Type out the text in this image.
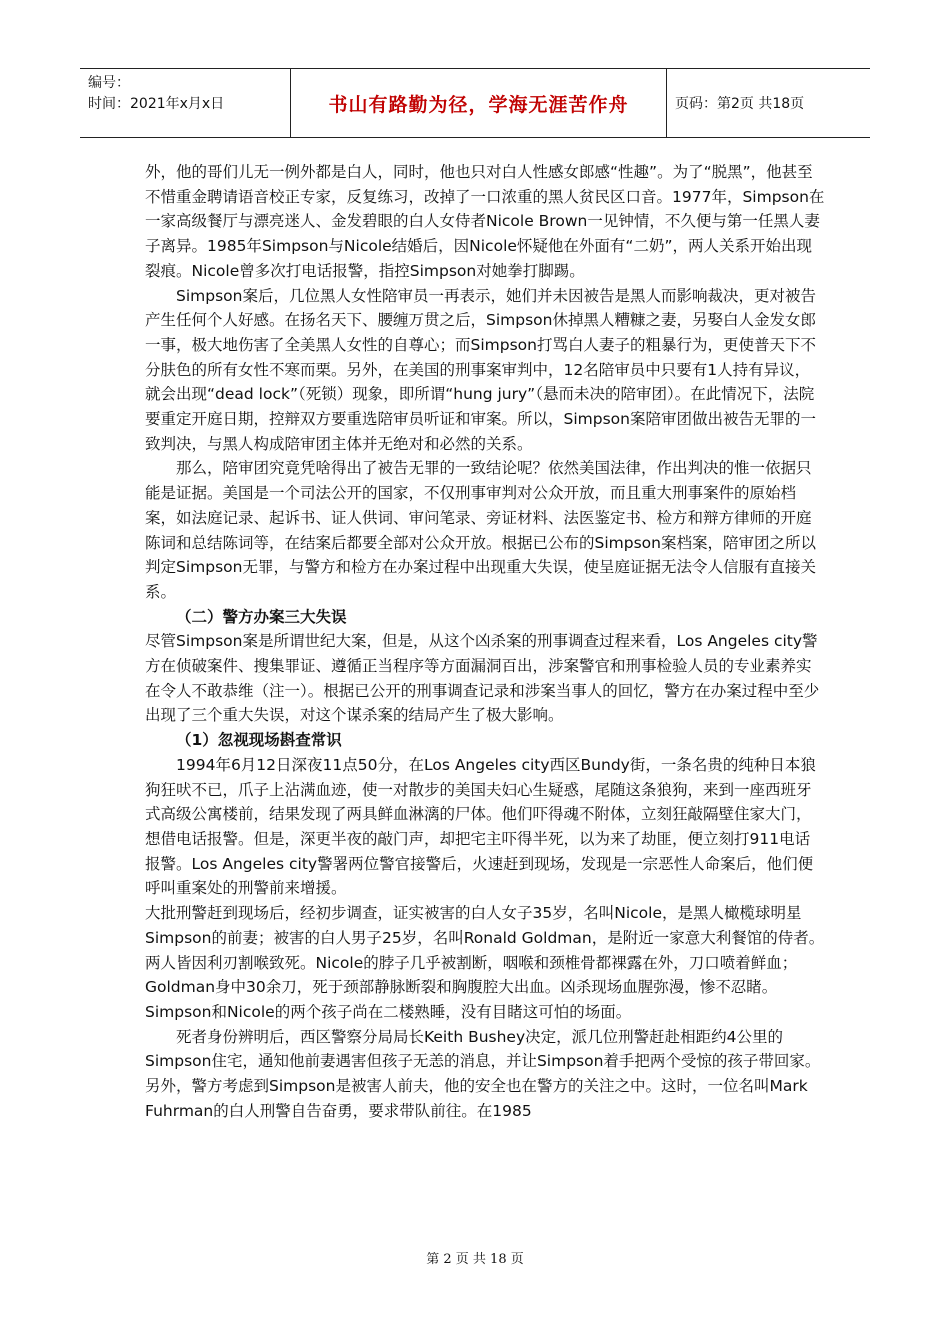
编号：
时间：2021年x月x日	书山有路勤为径，学海无涯苦作舟	页码：第2页 共18页

外，他的哥们儿无一例外都是白人，同时，他也只对白人性感女郎感“性趣”。为了“脱黑”，他甚至不惜重金聘请语音校正专家，反复练习，改掉了一口浓重的黑人贫民区口音。1977年，Simpson在一家高级餐厅与漂亮迷人、金发碧眼的白人女侍者Nicole Brown一见钟情，不久便与第一任黑人妻子离异。1985年Simpson与Nicole结婚后，因Nicole怀疑他在外面有“二奶”，两人关系开始出现裂痕。Nicole曾多次打电话报警，指控Simpson对她拳打脚踢。

Simpson案后，几位黑人女性陪审员一再表示，她们并未因被告是黑人而影响裁决，更对被告产生任何个人好感。在扬名天下、腰缠万贯之后，Simpson休掉黑人糟糠之妻，另娶白人金发女郎一事，极大地伤害了全美黑人女性的自尊心；而Simpson打骂白人妻子的粗暴行为，更使普天下不分肤色的所有女性不寒而栗。另外，在美国的刑事案审判中，12名陪审员中只要有1人持有异议，就会出现“dead lock”（死锁）现象，即所谓“hung jury”（悬而未决的陪审团）。在此情况下，法院要重定开庭日期，控辩双方要重选陪审员听证和审案。所以，Simpson案陪审团做出被告无罪的一致判决，与黑人构成陪审团主体并无绝对和必然的关系。

那么，陪审团究竟凭啥得出了被告无罪的一致结论呢？依然美国法律，作出判决的惟一依据只能是证据。美国是一个司法公开的国家，不仅刑事审判对公众开放，而且重大刑事案件的原始档案，如法庭记录、起诉书、证人供词、审问笔录、旁证材料、法医鉴定书、检方和辩方律师的开庭陈词和总结陈词等，在结案后都要全部对公众开放。根据已公布的Simpson案档案，陪审团之所以判定Simpson无罪，与警方和检方在办案过程中出现重大失误，使呈庭证据无法令人信服有直接关系。

（二）警方办案三大失误

尽管Simpson案是所谓世纪大案，但是，从这个凶杀案的刑事调查过程来看，Los Angeles city警方在侦破案件、搜集罪证、遵循正当程序等方面漏洞百出，涉案警官和刑事检验人员的专业素养实在令人不敢恭维（注一）。根据已公开的刑事调查记录和涉案当事人的回忆，警方在办案过程中至少出现了三个重大失误，对这个谋杀案的结局产生了极大影响。

（1）忽视现场斟查常识

1994年6月12日深夜11点50分，在Los Angeles city西区Bundy街，一条名贵的纯种日本狼狗狂吠不已，爪子上沾满血迹，使一对散步的美国夫妇心生疑惑，尾随这条狼狗，来到一座西班牙式高级公寓楼前，结果发现了两具鲜血淋漓的尸体。他们吓得魂不附体，立刻狂敲隔壁住家大门，想借电话报警。但是，深更半夜的敲门声，却把宅主吓得半死，以为来了劫匪，便立刻打911电话报警。Los Angeles city警署两位警官接警后，火速赶到现场，发现是一宗恶性人命案后，他们便呼叫重案处的刑警前来增援。

大批刑警赶到现场后，经初步调查，证实被害的白人女子35岁，名叫Nicole，是黑人橄榄球明星Simpson的前妻；被害的白人男子25岁，名叫Ronald Goldman，是附近一家意大利餐馆的侍者。两人皆因利刃割喉致死。Nicole的脖子几乎被割断，咽喉和颈椎骨都裸露在外，刀口喷着鲜血；Goldman身中30余刀，死于颈部静脉断裂和胸腹腔大出血。凶杀现场血腥弥漫，惨不忍睹。Simpson和Nicole的两个孩子尚在二楼熟睡，没有目睹这可怕的场面。

死者身份辨明后，西区警察分局局长Keith Bushey决定，派几位刑警赶赴相距约4公里的Simpson住宅，通知他前妻遇害但孩子无恙的消息，并让Simpson着手把两个受惊的孩子带回家。另外，警方考虑到Simpson是被害人前夫，他的安全也在警方的关注之中。这时，一位名叫Mark Fuhrman的白人刑警自告奋勇，要求带队前往。在1985

第 2 页 共 18 页
